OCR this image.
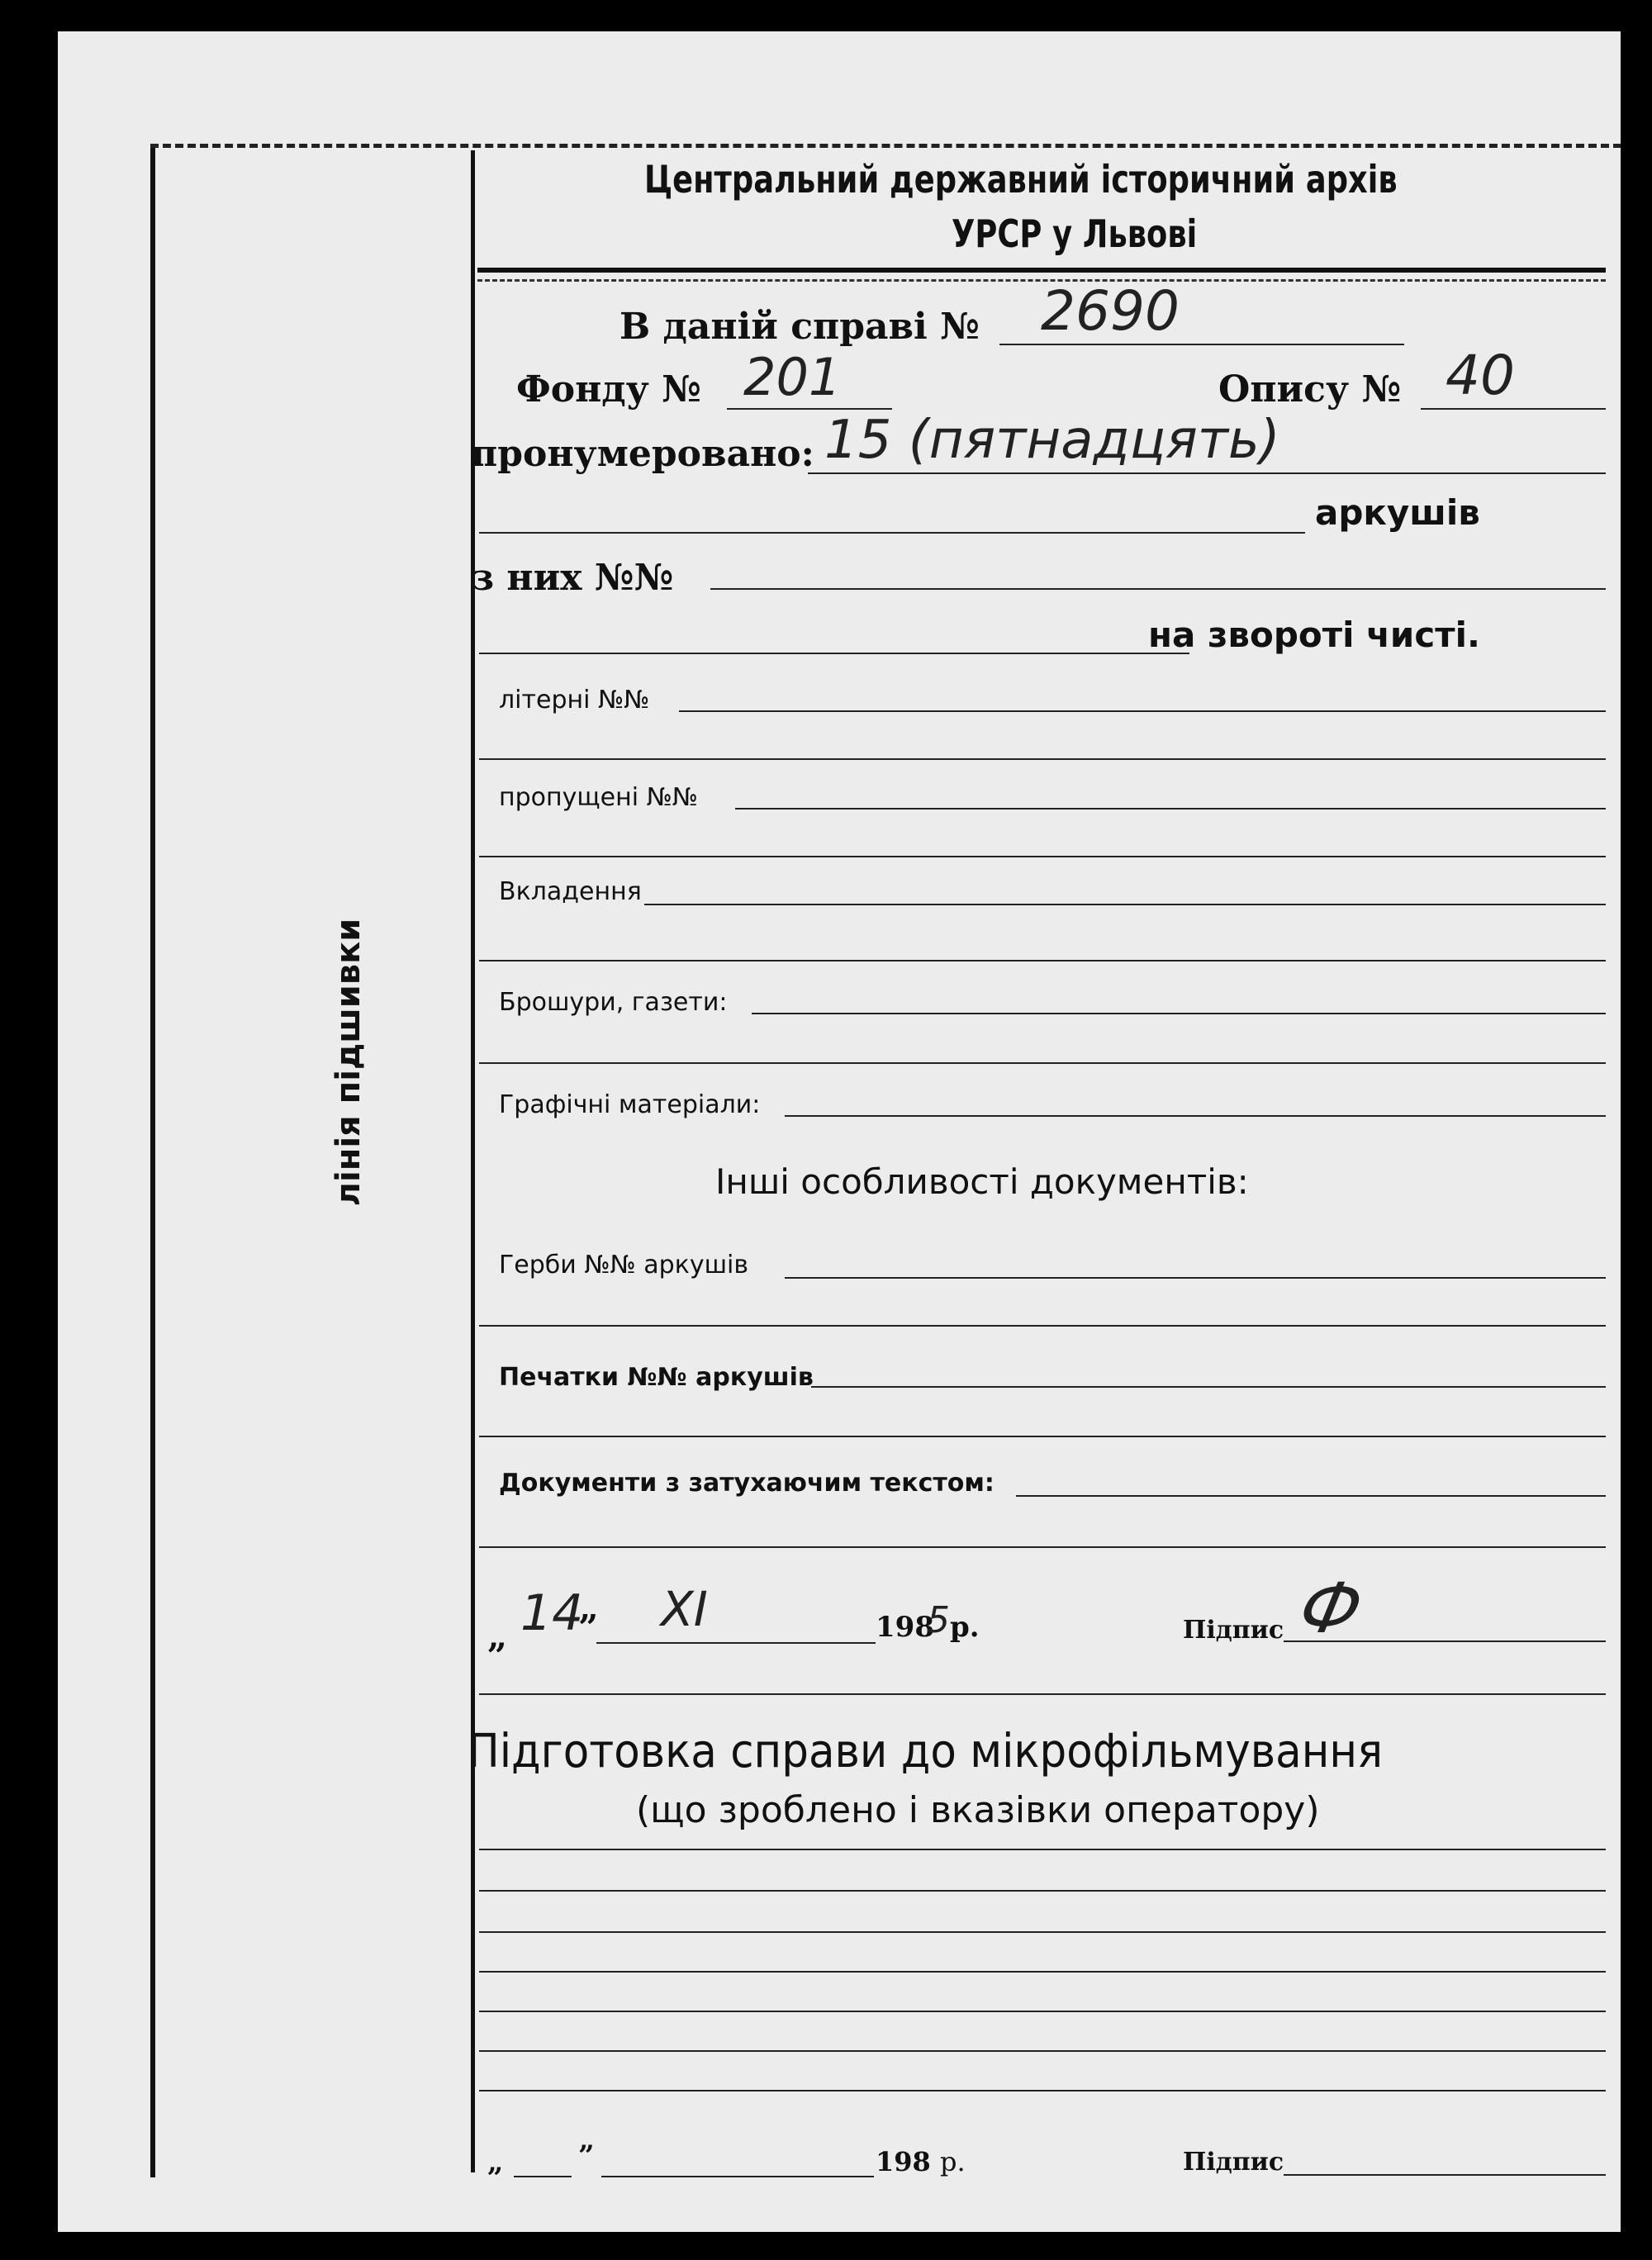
лінія підшивки
Центральний державний історичний архів
УРСР у Львові
В даній справі № 2690
Фонду № 201	Опису № 40
пронумеровано: 15 (пятнадцять)
аркушів
з них №№
на звороті чисті.
літерні №№
пропущені №№
Вкладення
Брошури, газети:
Графічні матеріали:
Інші особливості документів:
Герби №№ аркушів
Печатки №№ аркушів
Документи з затухаючим текстом:
„ 14
” XI	198
5 р.	Підпис Ф
Підготовка справи до мікрофільмування
(що зроблено і вказівки оператору)
„	”	198 р.	Підпис
